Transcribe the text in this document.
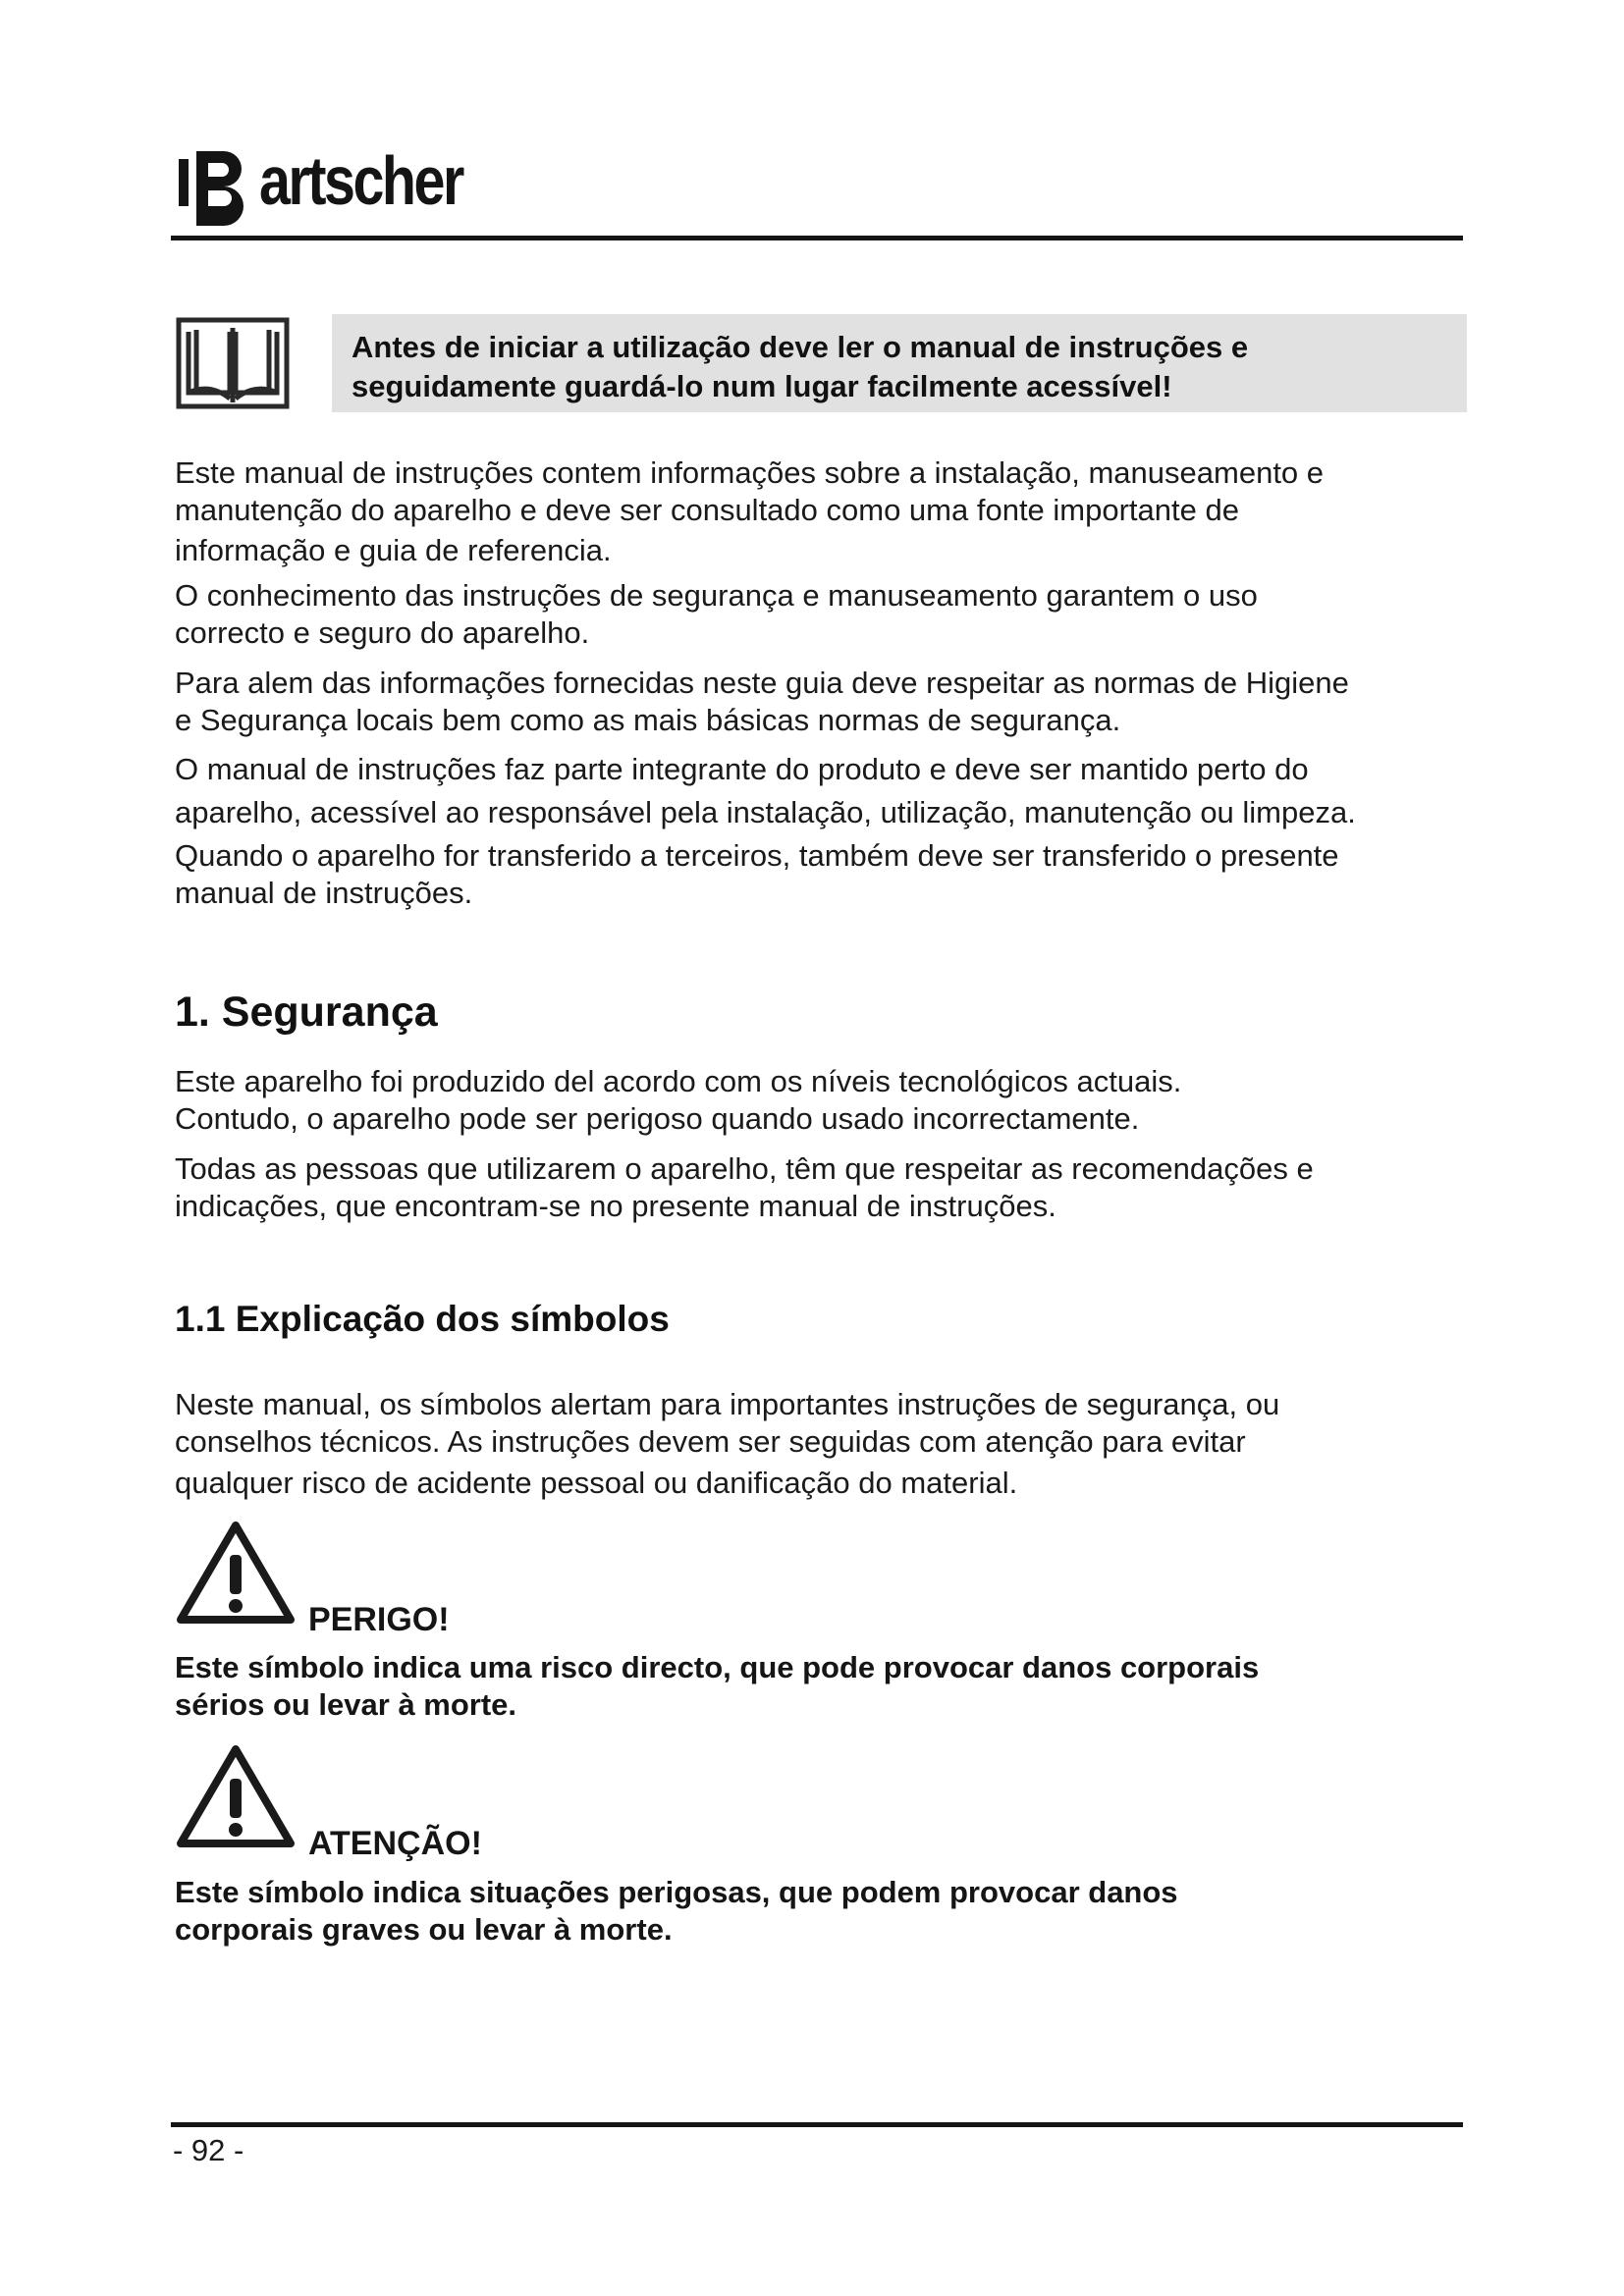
artscher
Antes de iniciar a utilização deve ler o manual de instruções e
seguidamente guardá-lo num lugar facilmente acessível!
Este manual de instruções contem informações sobre a instalação, manuseamento e
manutenção do aparelho e deve ser consultado como uma fonte importante de
informação e guia de referencia.
O conhecimento das instruções de segurança e manuseamento garantem o uso
correcto e seguro do aparelho.
Para alem das informações fornecidas neste guia deve respeitar as normas de Higiene
e Segurança locais bem como as mais básicas normas de segurança.
O manual de instruções faz parte integrante do produto e deve ser mantido perto do
aparelho, acessível ao responsável pela instalação, utilização, manutenção ou limpeza.
Quando o aparelho for transferido a terceiros, também deve ser transferido o presente
manual de instruções.
1. Segurança
Este aparelho foi produzido del acordo com os níveis tecnológicos actuais.
Contudo, o aparelho pode ser perigoso quando usado incorrectamente.
Todas as pessoas que utilizarem o aparelho, têm que respeitar as recomendações e
indicações, que encontram-se no presente manual de instruções.
1.1 Explicação dos símbolos
Neste manual, os símbolos alertam para importantes instruções de segurança, ou
conselhos técnicos. As instruções devem ser seguidas com atenção para evitar
qualquer risco de acidente pessoal ou danificação do material.
PERIGO!
Este símbolo indica uma risco directo, que pode provocar danos corporais
sérios ou levar à morte.
ATENÇÃO!
Este símbolo indica situações perigosas, que podem provocar danos
corporais graves ou levar à morte.
- 92 -
